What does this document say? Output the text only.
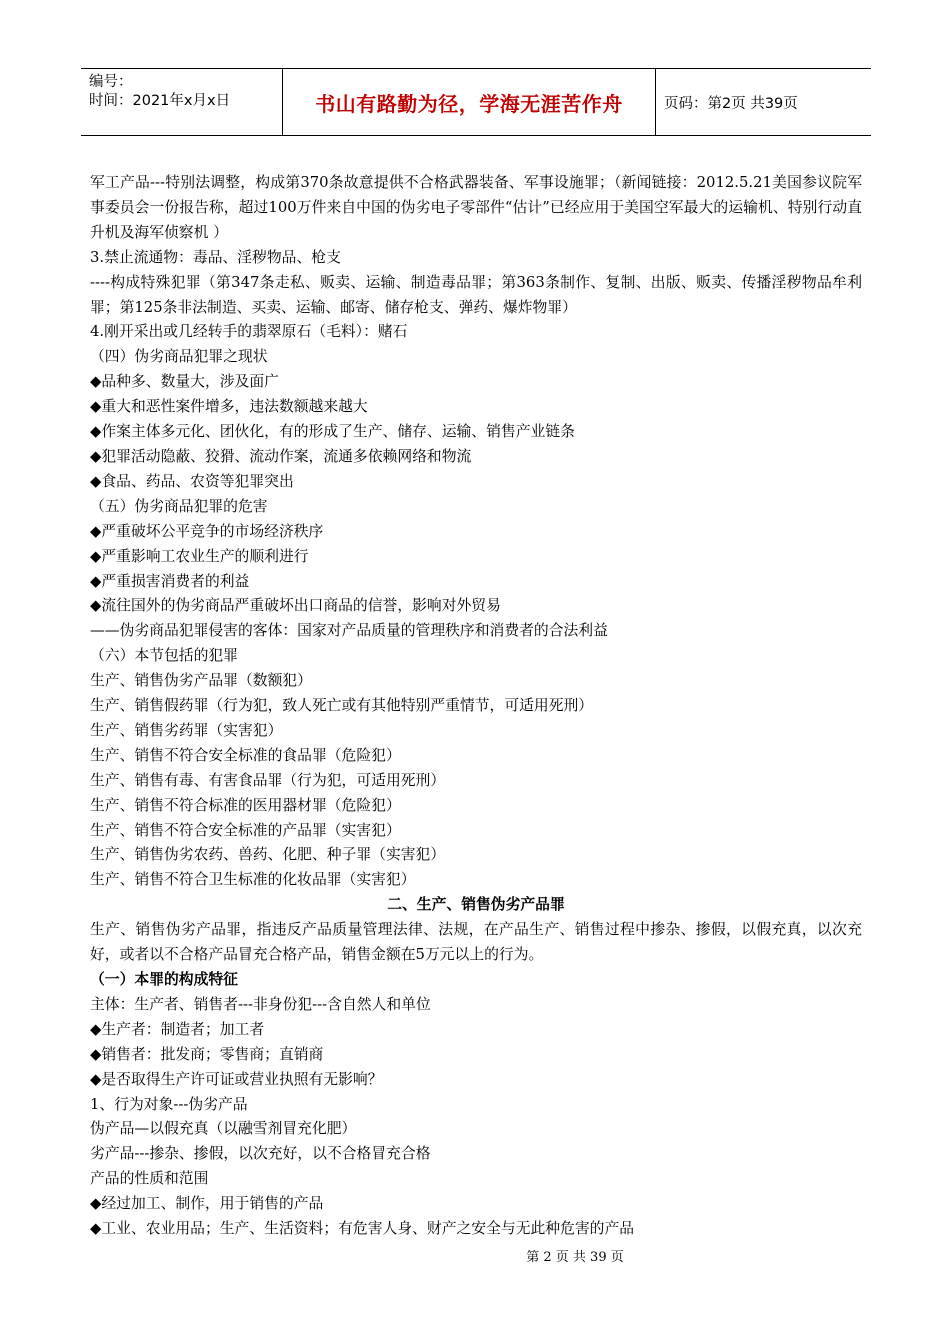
编号：
时间：2021年x月x日	书山有路勤为径，学海无涯苦作舟	页码：第2页 共39页

军工产品---特别法调整，构成第370条故意提供不合格武器装备、军事设施罪；（新闻链接：2012.5.21美国参议院军事委员会一份报告称，超过100万件来自中国的伪劣电子零部件“估计”已经应用于美国空军最大的运输机、特别行动直升机及海军侦察机 ）

3.禁止流通物：毒品、淫秽物品、枪支

----构成特殊犯罪（第347条走私、贩卖、运输、制造毒品罪；第363条制作、复制、出版、贩卖、传播淫秽物品牟利罪；第125条非法制造、买卖、运输、邮寄、储存枪支、弹药、爆炸物罪）

4.刚开采出或几经转手的翡翠原石（毛料）：赌石

（四）伪劣商品犯罪之现状

◆品种多、数量大，涉及面广

◆重大和恶性案件增多，违法数额越来越大

◆作案主体多元化、团伙化，有的形成了生产、储存、运输、销售产业链条

◆犯罪活动隐蔽、狡猾、流动作案，流通多依赖网络和物流

◆食品、药品、农资等犯罪突出

（五）伪劣商品犯罪的危害

◆严重破坏公平竞争的市场经济秩序

◆严重影响工农业生产的顺利进行

◆严重损害消费者的利益

◆流往国外的伪劣商品严重破坏出口商品的信誉，影响对外贸易

——伪劣商品犯罪侵害的客体：国家对产品质量的管理秩序和消费者的合法利益

（六）本节包括的犯罪

生产、销售伪劣产品罪（数额犯）

生产、销售假药罪（行为犯，致人死亡或有其他特别严重情节，可适用死刑）

生产、销售劣药罪（实害犯）

生产、销售不符合安全标准的食品罪（危险犯）

生产、销售有毒、有害食品罪（行为犯，可适用死刑）

生产、销售不符合标准的医用器材罪（危险犯）

生产、销售不符合安全标准的产品罪（实害犯）

生产、销售伪劣农药、兽药、化肥、种子罪（实害犯）

生产、销售不符合卫生标准的化妆品罪（实害犯）

二、生产、销售伪劣产品罪

生产、销售伪劣产品罪，指违反产品质量管理法律、法规，在产品生产、销售过程中掺杂、掺假，以假充真，以次充好，或者以不合格产品冒充合格产品，销售金额在5万元以上的行为。

（一）本罪的构成特征

主体：生产者、销售者---非身份犯---含自然人和单位

◆生产者：制造者；加工者

◆销售者：批发商；零售商；直销商

◆是否取得生产许可证或营业执照有无影响？

1、行为对象---伪劣产品

伪产品—以假充真（以融雪剂冒充化肥）

劣产品---掺杂、掺假，以次充好，以不合格冒充合格

产品的性质和范围

◆经过加工、制作，用于销售的产品

◆工业、农业用品；生产、生活资料；有危害人身、财产之安全与无此种危害的产品

第 2 页 共 39 页
